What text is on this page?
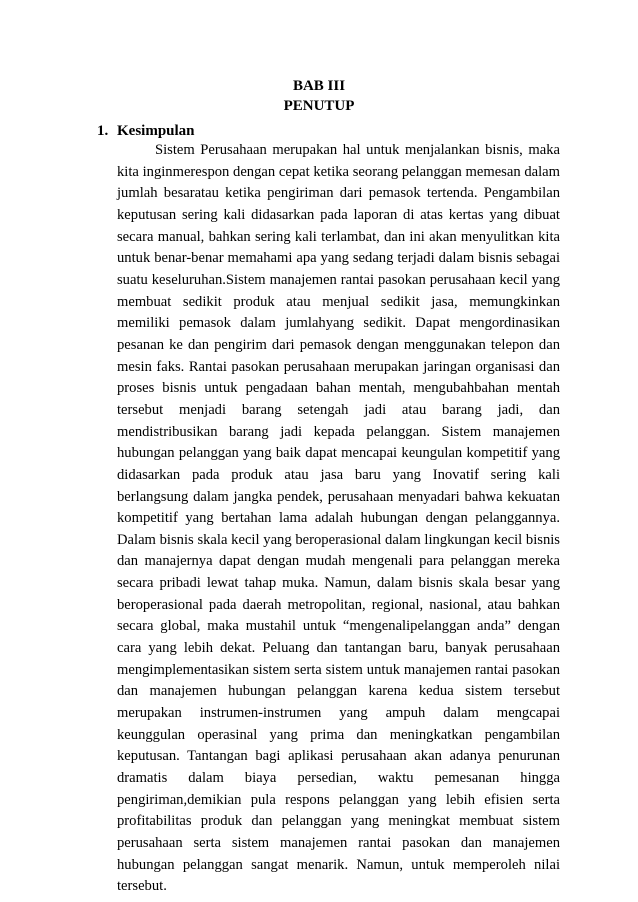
BAB III
PENUTUP
1. Kesimpulan

Sistem Perusahaan merupakan hal untuk menjalankan bisnis, maka kita inginmerespon dengan cepat ketika seorang pelanggan memesan dalam jumlah besaratau ketika pengiriman dari pemasok tertenda. Pengambilan keputusan sering kali didasarkan pada laporan di atas kertas yang dibuat secara manual, bahkan sering kali terlambat, dan ini akan menyulitkan kita untuk benar-benar memahami apa yang sedang terjadi dalam bisnis sebagai suatu keseluruhan.Sistem manajemen rantai pasokan perusahaan kecil yang membuat sedikit produk atau menjual sedikit jasa, memungkinkan memiliki pemasok dalam jumlahyang sedikit. Dapat mengordinasikan pesanan ke dan pengirim dari pemasok dengan menggunakan telepon dan mesin faks. Rantai pasokan perusahaan merupakan jaringan organisasi dan proses bisnis untuk pengadaan bahan mentah, mengubahbahan mentah tersebut menjadi barang setengah jadi atau barang jadi, dan mendistribusikan barang jadi kepada pelanggan. Sistem manajemen hubungan pelanggan yang baik dapat mencapai keungulan kompetitif yang didasarkan pada produk atau jasa baru yang Inovatif sering kali berlangsung dalam jangka pendek, perusahaan menyadari bahwa kekuatan kompetitif yang bertahan lama adalah hubungan dengan pelanggannya. Dalam bisnis skala kecil yang beroperasional dalam lingkungan kecil bisnis dan manajernya dapat dengan mudah mengenali para pelanggan mereka secara pribadi lewat tahap muka. Namun, dalam bisnis skala besar yang beroperasional pada daerah metropolitan, regional, nasional, atau bahkan secara global, maka mustahil untuk “mengenalipelanggan anda” dengan cara yang lebih dekat. Peluang dan tantangan baru, banyak perusahaan mengimplementasikan sistem serta sistem untuk manajemen rantai pasokan dan manajemen hubungan pelanggan karena kedua sistem tersebut merupakan instrumen-instrumen yang ampuh dalam mengcapai keunggulan operasinal yang prima dan meningkatkan pengambilan keputusan. Tantangan bagi aplikasi perusahaan akan adanya penurunan dramatis dalam biaya persedian, waktu pemesanan hingga pengiriman,demikian pula respons pelanggan yang lebih efisien serta profitabilitas produk dan pelanggan yang meningkat membuat sistem perusahaan serta sistem manajemen rantai pasokan dan manajemen hubungan pelanggan sangat menarik. Namun, untuk memperoleh nilai tersebut.
